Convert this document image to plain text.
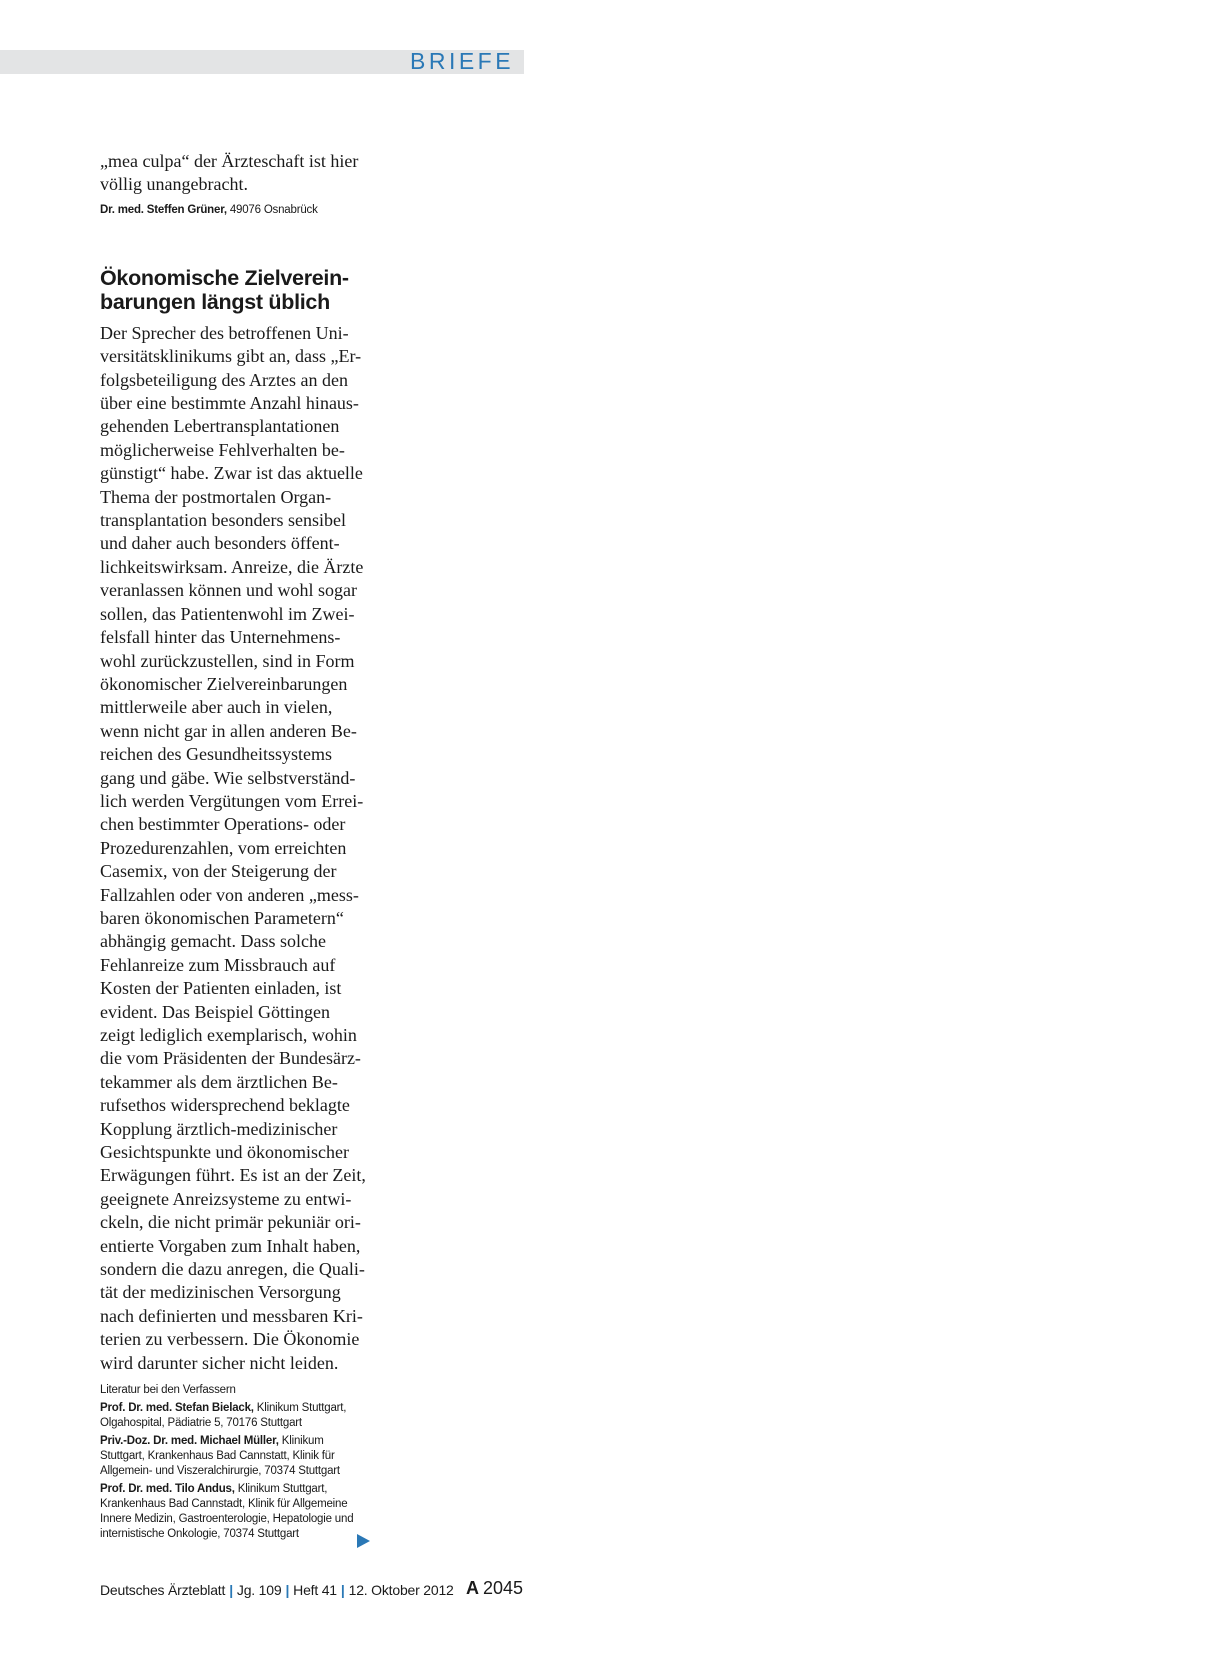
BRIEFE

„mea culpa“ der Ärzteschaft ist hier
völlig unangebracht.

Dr. med. Steffen Grüner, 49076 Osnabrück

Ökonomische Zielverein-
barungen längst üblich

Der Sprecher des betroffenen Uni-
versitätsklinikums gibt an, dass „Er-
folgsbeteiligung des Arztes an den
über eine bestimmte Anzahl hinaus-
gehenden Lebertransplantationen
möglicherweise Fehlverhalten be-
günstigt“ habe. Zwar ist das aktuelle
Thema der postmortalen Organ-
transplantation besonders sensibel
und daher auch besonders öffent-
lichkeitswirksam. Anreize, die Ärzte
veranlassen können und wohl sogar
sollen, das Patientenwohl im Zwei-
felsfall hinter das Unternehmens-
wohl zurückzustellen, sind in Form
ökonomischer Zielvereinbarungen
mittlerweile aber auch in vielen,
wenn nicht gar in allen anderen Be-
reichen des Gesundheitssystems
gang und gäbe. Wie selbstverständ-
lich werden Vergütungen vom Errei-
chen bestimmter Operations- oder
Prozedurenzahlen, vom erreichten
Casemix, von der Steigerung der
Fallzahlen oder von anderen „mess-
baren ökonomischen Parametern“
abhängig gemacht. Dass solche
Fehlanreize zum Missbrauch auf
Kosten der Patienten einladen, ist
evident. Das Beispiel Göttingen
zeigt lediglich exemplarisch, wohin
die vom Präsidenten der Bundesärz-
tekammer als dem ärztlichen Be-
rufsethos widersprechend beklagte
Kopplung ärztlich-medizinischer
Gesichtspunkte und ökonomischer
Erwägungen führt. Es ist an der Zeit,
geeignete Anreizsysteme zu entwi-
ckeln, die nicht primär pekuniär ori-
entierte Vorgaben zum Inhalt haben,
sondern die dazu anregen, die Quali-
tät der medizinischen Versorgung
nach definierten und messbaren Kri-
terien zu verbessern. Die Ökonomie
wird darunter sicher nicht leiden.

Literatur bei den Verfassern

Prof. Dr. med. Stefan Bielack, Klinikum Stuttgart,
Olgahospital, Pädiatrie 5, 70176 Stuttgart

Priv.-Doz. Dr. med. Michael Müller, Klinikum
Stuttgart, Krankenhaus Bad Cannstatt, Klinik für
Allgemein- und Viszeralchirurgie, 70374 Stuttgart

Prof. Dr. med. Tilo Andus, Klinikum Stuttgart,
Krankenhaus Bad Cannstadt, Klinik für Allgemeine
Innere Medizin, Gastroenterologie, Hepatologie und
internistische Onkologie, 70374 Stuttgart

Deutsches Ärzteblatt | Jg. 109 | Heft 41 | 12. Oktober 2012 A 2045
